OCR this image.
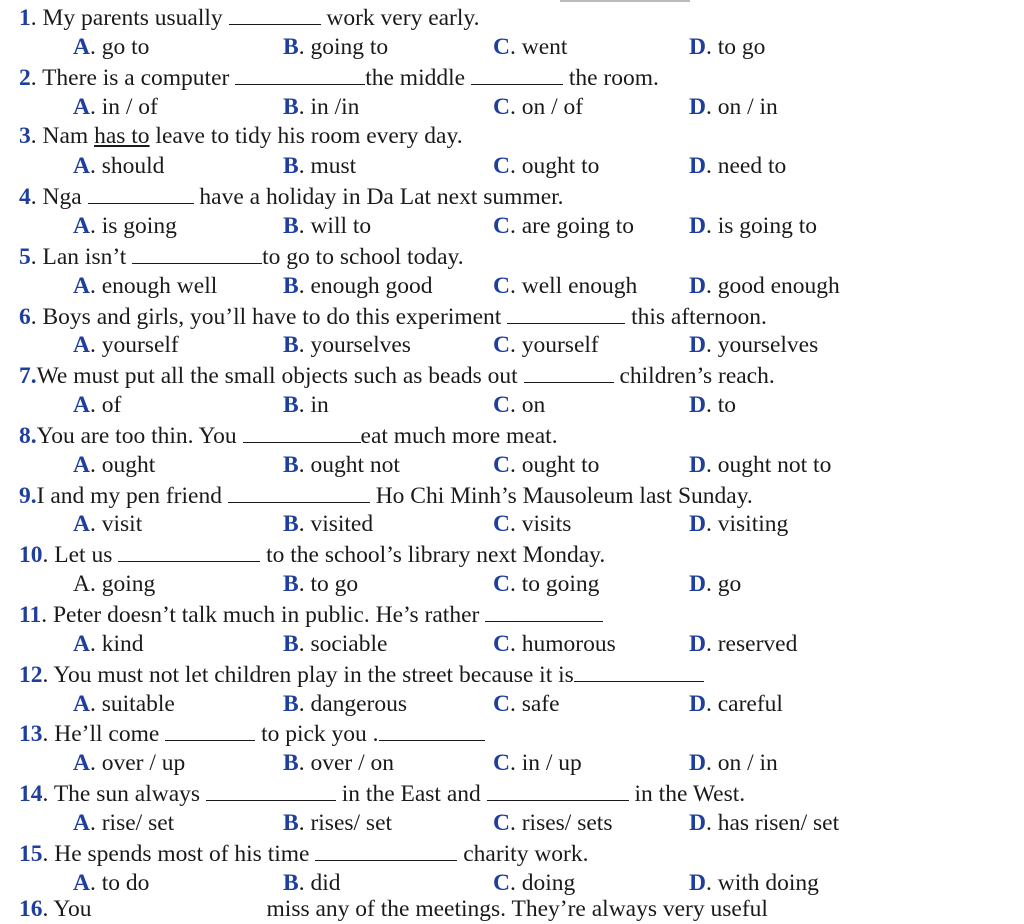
1. My parents usually	work very early.
A. go to	B. going to	C. went	D. to go
2. There is a computer	the middle	the room.
A. in / of	B. in /in	C. on / of	D. on / in
3. Nam has to leave to tidy his room every day.
A. should	B. must	C. ought to	D. need to
4. Nga	have a holiday in Da Lat next summer.
A. is going	B. will to	C. are going to D. is going to
5. Lan isn’t	to go to school today.
A. enough well	B. enough good	C. well enough D. good enough
6. Boys and girls, you’ll have to do this experiment	this afternoon.
A. yourself	B. yourselves	C. yourself	D. yourselves
7.We must put all the small objects such as beads out	children’s reach.
A. of	B. in	C. on	D. to
8.You are too thin. You	eat much more meat.
A. ought	B. ought not	C. ought to	D. ought not to
9.I and my pen friend	Ho Chi Minh’s Mausoleum last Sunday.
A. visit	B. visited	C. visits	D. visiting
10. Let us	to the school’s library next Monday.
A. going	B. to go	C. to going	D. go
11. Peter doesn’t talk much in public. He’s rather
A. kind	B. sociable	C. humorous	D. reserved
12. You must not let children play in the street because it is
A. suitable	B. dangerous	C. safe	D. careful
13. He’ll come	to pick you .
A. over / up	B. over / on	C. in / up	D. on / in
14. The sun always	in the East and	in the West.
A. rise/ set	B. rises/ set	C. rises/ sets	D. has risen/ set
15. He spends most of his time	charity work.
A. to do	B. did	C. doing	D. with doing
16. You	miss any of the meetings. They’re always very useful
